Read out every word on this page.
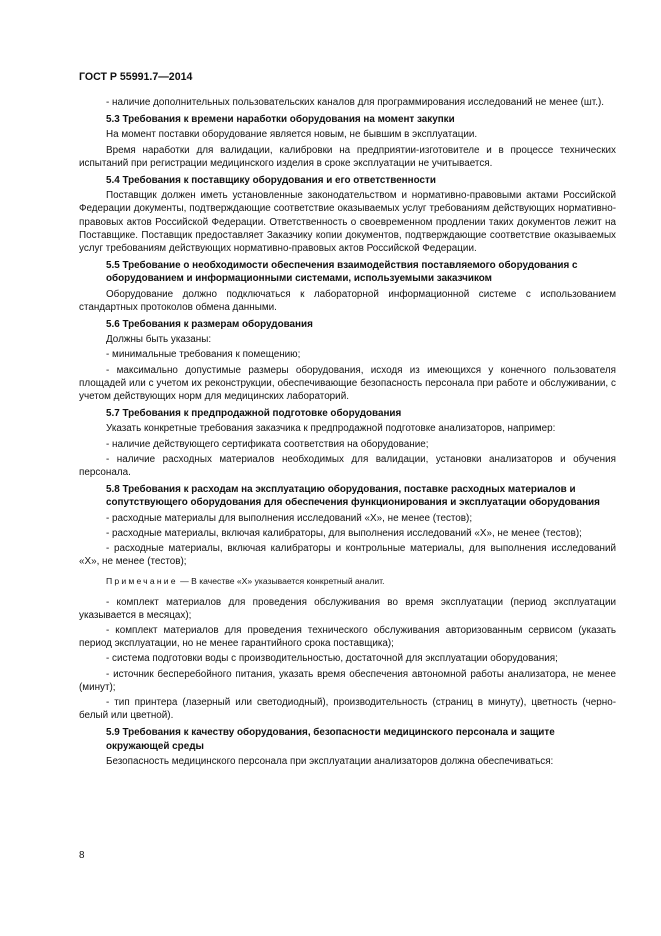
ГОСТ Р 55991.7—2014

- наличие дополнительных пользовательских каналов для программирования исследований не менее (шт.).

5.3 Требования к времени наработки оборудования на момент закупки

На момент поставки оборудование является новым, не бывшим в эксплуатации.

Время наработки для валидации, калибровки на предприятии-изготовителе и в процессе технических испытаний при регистрации медицинского изделия в сроке эксплуатации не учитывается.

5.4 Требования к поставщику оборудования и его ответственности

Поставщик должен иметь установленные законодательством и нормативно-правовыми актами Российской Федерации документы, подтверждающие соответствие оказываемых услуг требованиям действующих нормативно-правовых актов Российской Федерации. Ответственность о своевременном продлении таких документов лежит на Поставщике. Поставщик предоставляет Заказчику копии документов, подтверждающие соответствие оказываемых услуг требованиям действующих нормативно-правовых актов Российской Федерации.

5.5 Требование о необходимости обеспечения взаимодействия поставляемого оборудования с оборудованием и информационными системами, используемыми заказчиком

Оборудование должно подключаться к лабораторной информационной системе с использованием стандартных протоколов обмена данными.

5.6 Требования к размерам оборудования

Должны быть указаны:

- минимальные требования к помещению;

- максимально допустимые размеры оборудования, исходя из имеющихся у конечного пользователя площадей или с учетом их реконструкции, обеспечивающие безопасность персонала при работе и обслуживании, с учетом действующих норм для медицинских лабораторий.

5.7 Требования к предпродажной подготовке оборудования

Указать конкретные требования заказчика к предпродажной подготовке анализаторов, например:

- наличие действующего сертификата соответствия на оборудование;

- наличие расходных материалов необходимых для валидации, установки анализаторов и обучения персонала.

5.8 Требования к расходам на эксплуатацию оборудования, поставке расходных материалов и сопутствующего оборудования для обеспечения функционирования и эксплуатации оборудования

- расходные материалы для выполнения исследований «Х», не менее (тестов);

- расходные материалы, включая калибраторы, для выполнения исследований «Х», не менее (тестов);

- расходные материалы, включая калибраторы и контрольные материалы, для выполнения исследований «Х», не менее (тестов);

Примечание — В качестве «Х» указывается конкретный аналит.

- комплект материалов для проведения обслуживания во время эксплуатации (период эксплуатации указывается в месяцах);

- комплект материалов для проведения технического обслуживания авторизованным сервисом (указать период эксплуатации, но не менее гарантийного срока поставщика);

- система подготовки воды с производительностью, достаточной для эксплуатации оборудования;

- источник бесперебойного питания, указать время обеспечения автономной работы анализатора, не менее (минут);

- тип принтера (лазерный или светодиодный), производительность (страниц в минуту), цветность (черно-белый или цветной).

5.9 Требования к качеству оборудования, безопасности медицинского персонала и защите окружающей среды

Безопасность медицинского персонала при эксплуатации анализаторов должна обеспечиваться:

8
